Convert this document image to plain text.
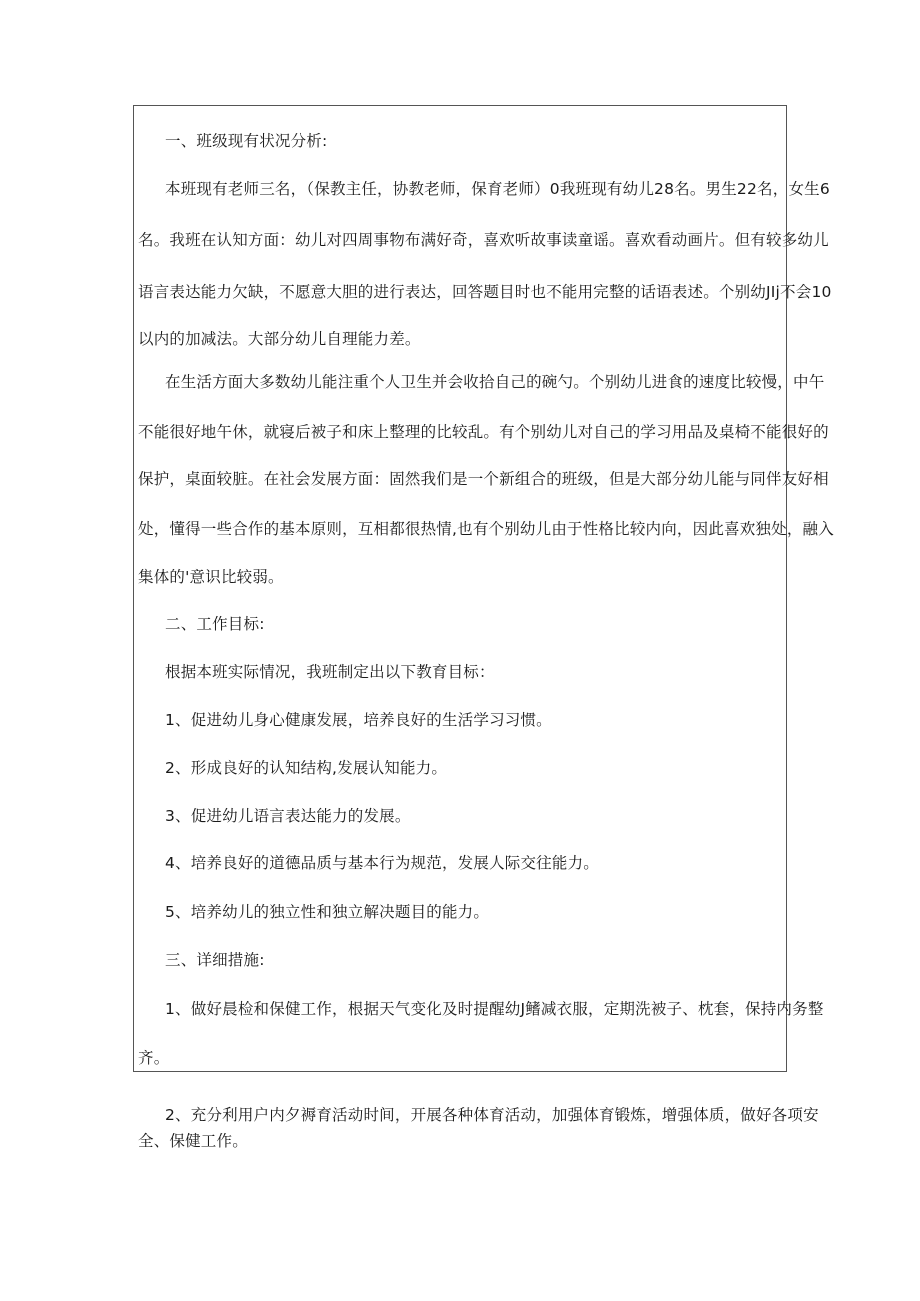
一、班级现有状况分析:
本班现有老师三名，（保教主任，协教老师，保育老师）0我班现有幼儿28名。男生22名，女生6
名。我班在认知方面：幼儿对四周事物布满好奇，喜欢听故事读童谣。喜欢看动画片。但有较多幼儿
语言表达能力欠缺，不愿意大胆的进行表达，回答题目时也不能用完整的话语表述。个别幼JIj不会10
以内的加减法。大部分幼儿自理能力差。
在生活方面大多数幼儿能注重个人卫生并会收拾自己的碗勺。个别幼儿进食的速度比较慢，中午
不能很好地午休，就寝后被子和床上整理的比较乱。有个别幼儿对自己的学习用品及桌椅不能很好的
保护，桌面较脏。在社会发展方面：固然我们是一个新组合的班级，但是大部分幼儿能与同伴友好相
处，懂得一些合作的基本原则，互相都很热情,也有个别幼儿由于性格比较内向，因此喜欢独处，融入
集体的'意识比较弱。
二、工作目标:
根据本班实际情况，我班制定出以下教育目标：
1、促进幼儿身心健康发展，培养良好的生活学习习惯。
2、形成良好的认知结构,发展认知能力。
3、促进幼儿语言表达能力的发展。
4、培养良好的道德品质与基本行为规范，发展人际交往能力。
5、培养幼儿的独立性和独立解决题目的能力。
三、详细措施:
1、做好晨检和保健工作，根据天气变化及时提醒幼J鳍减衣服，定期洗被子、枕套，保持内务整
齐。
2、充分利用户内夕褥育活动时间，开展各种体育活动，加强体育锻炼，增强体质，做好各项安
全、保健工作。
